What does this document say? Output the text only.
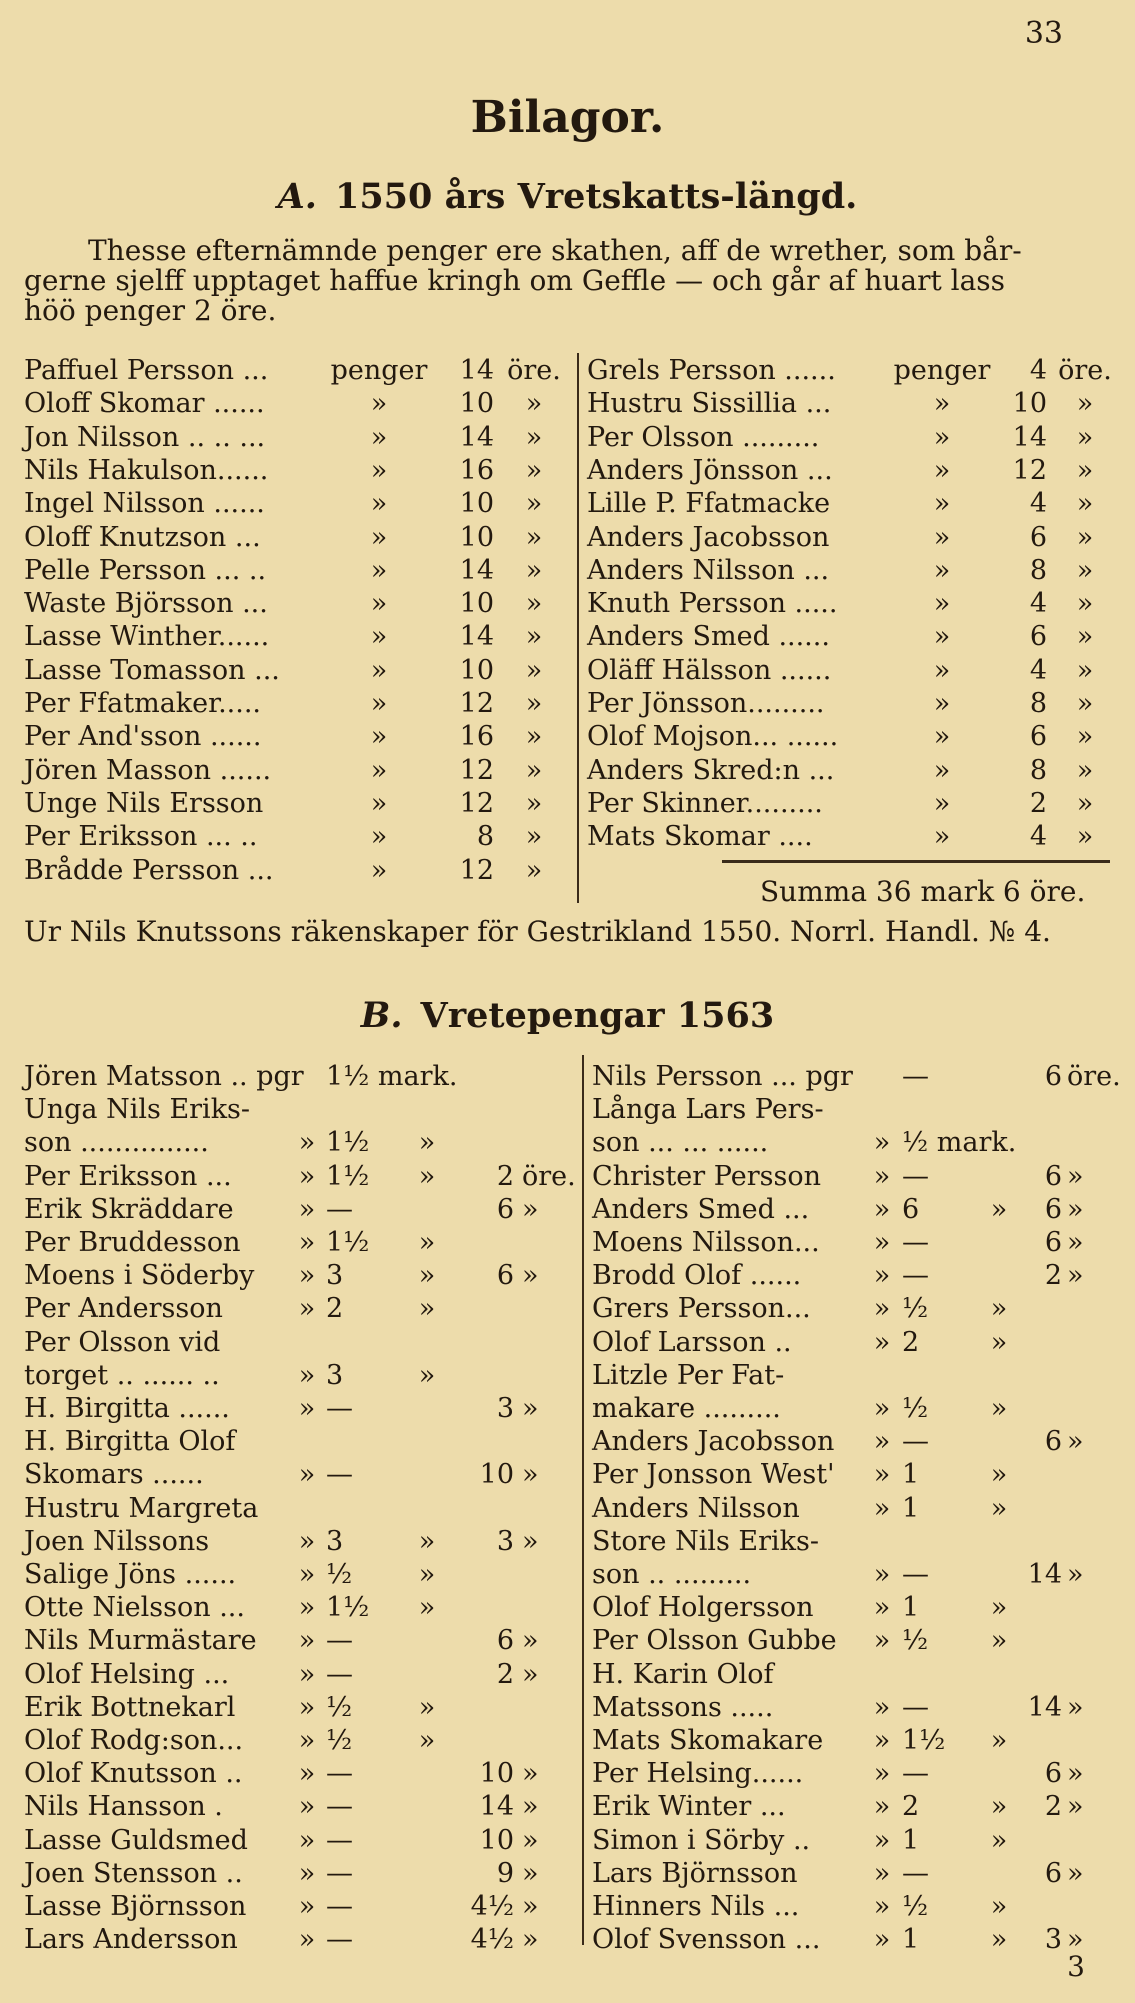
33
Bilagor.
A. 1550 års Vretskatts-längd.
Thesse efternämnde penger ere skathen, aff de wrether, som bår-
gerne sjelff upptaget haffue kringh om Geffle — och går af huart lass
höö penger 2 öre.
Paffuel Persson ... penger	14 öre.
Oloff Skomar ......	»	10	»
Jon Nilsson .. .. ...	»	14	»
Nils Hakulson......	»	16	»
Ingel Nilsson ......	»	10	»
Oloff Knutzson ...	»	10	»
Pelle Persson ... ..	»	14	»
Waste Björsson ...	»	10	»
Lasse Winther......	»	14	»
Lasse Tomasson ...	»	10	»
Per Ffatmaker.....	»	12	»
Per And'sson ......	»	16	»
Jören Masson ......	»	12	»
Unge Nils Ersson	»	12	»
Per Eriksson ... ..	»	8	»
Brådde Persson ...	»	12	»
Grels Persson ...... penger	4 öre.
Hustru Sissillia ...	»	10	»
Per Olsson .........	»	14	»
Anders Jönsson ...	»	12	»
Lille P. Ffatmacke	»	4	»
Anders Jacobsson	»	6	»
Anders Nilsson ...	»	8	»
Knuth Persson .....	»	4	»
Anders Smed ......	»	6	»
Oläff Hälsson ......	»	4	»
Per Jönsson.........	»	8	»
Olof Mojson... ......	»	6	»
Anders Skred:n ...	»	8	»
Per Skinner.........	»	2	»
Mats Skomar ....	»	4	»
Summa 36 mark 6 öre.
Ur Nils Knutssons räkenskaper för Gestrikland 1550. Norrl. Handl. № 4.
B. Vretepengar 1563
Jören Matsson .. pgr 1½ mark.
Unga Nils Eriks-
son ...............	» 1½	»
Per Eriksson ... » 1½	»	2 öre.
Erik Skräddare » —	6 »
Per Bruddesson » 1½	»
Moens i Söderby » 3	»	6 »
Per Andersson	» 2	»
Per Olsson vid
torget .. ...... ..	» 3	»
H. Birgitta ......	» —	3 »
H. Birgitta Olof
Skomars ......	» —	10 »
Hustru Margreta
Joen Nilssons	» 3	»	3 »
Salige Jöns ...... » ½	»
Otte Nielsson ... » 1½	»
Nils Murmästare » —	6 »
Olof Helsing ...	» —	2 »
Erik Bottnekarl » ½	»
Olof Rodg:son... » ½	»
Olof Knutsson .. » —	10 »
Nils Hansson .	» —	14 »
Lasse Guldsmed » —	10 »
Joen Stensson .. » —	9 »
Lasse Björnsson » —	4½ »
Lars Andersson » —	4½ »
Nils Persson ... pgr —	6 öre.
Långa Lars Pers-
son ... ... ......	» ½ mark.
Christer Persson » —	6 »
Anders Smed ... » 6	»	6 »
Moens Nilsson... » —	6 »
Brodd Olof ......	» —	2 »
Grers Persson... » ½	»
Olof Larsson ..	» 2	»
Litzle Per Fat-
makare .........	» ½	»
Anders Jacobsson » —	6 »
Per Jonsson West' » 1	»
Anders Nilsson	» 1	»
Store Nils Eriks-
son .. .........	» —	14 »
Olof Holgersson » 1	»
Per Olsson Gubbe » ½	»
H. Karin Olof
Matssons .....	» —	14 »
Mats Skomakare » 1½	»
Per Helsing......	» —	6 »
Erik Winter ...	» 2	»	2 »
Simon i Sörby .. » 1	»
Lars Björnsson	» —	6 »
Hinners Nils ...	» ½	»
Olof Svensson ... » 1	»	3 »
3
